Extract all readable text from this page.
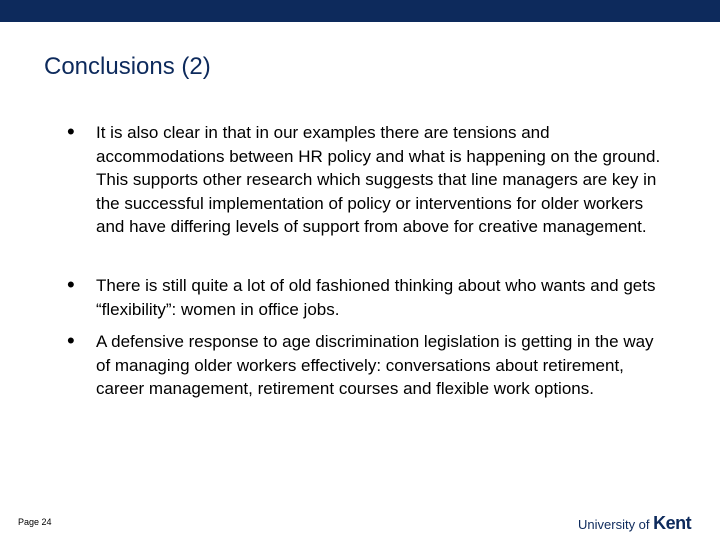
Conclusions (2)
• It is also clear in that in our examples there are tensions and accommodations between HR policy and what is happening on the ground. This supports other research which suggests that line managers are key in the successful implementation of policy or interventions for older workers and have differing levels of support from above for creative management.
• There is still quite a lot of old fashioned thinking about who wants and gets “flexibility”: women in office jobs.
• A defensive response to age discrimination legislation is getting in the way of managing older workers effectively: conversations about retirement, career management, retirement courses and flexible work options.
Page 24	University of Kent
